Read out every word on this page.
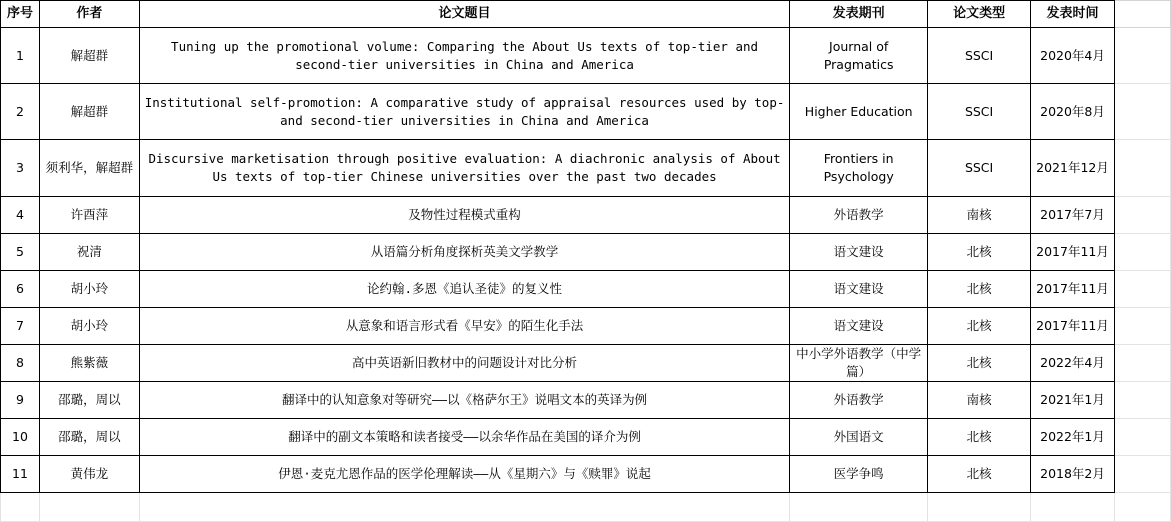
序号	作者	论文题目	发表期刊	论文类型	发表时间	
1	解超群	Tuning up the promotional volume: Comparing the About Us texts of top-tier and second-tier universities in China and America	Journal of Pragmatics	SSCI	2020年4月	
2	解超群	Institutional self-promotion: A comparative study of appraisal resources used by top- and second-tier universities in China and America	Higher Education	SSCI	2020年8月	
3	须利华，解超群	Discursive marketisation through positive evaluation: A diachronic analysis of About Us texts of top-tier Chinese universities over the past two decades	Frontiers in Psychology	SSCI	2021年12月	
4	许酉萍	及物性过程模式重构	外语教学	南核	2017年7月	
5	祝清	从语篇分析角度探析英美文学教学	语文建设	北核	2017年11月	
6	胡小玲	论约翰.多恩《追认圣徒》的复义性	语文建设	北核	2017年11月	
7	胡小玲	从意象和语言形式看《早安》的陌生化手法	语文建设	北核	2017年11月	
8	熊紫薇	高中英语新旧教材中的问题设计对比分析	中小学外语教学（中学篇）	北核	2022年4月	
9	邵璐，周以	翻译中的认知意象对等研究——以《格萨尔王》说唱文本的英译为例	外语教学	南核	2021年1月	
10	邵璐，周以	翻译中的副文本策略和读者接受——以余华作品在美国的译介为例	外国语文	北核	2022年1月	
11	黄伟龙	伊恩·麦克尤恩作品的医学伦理解读——从《星期六》与《赎罪》说起	医学争鸣	北核	2018年2月	
